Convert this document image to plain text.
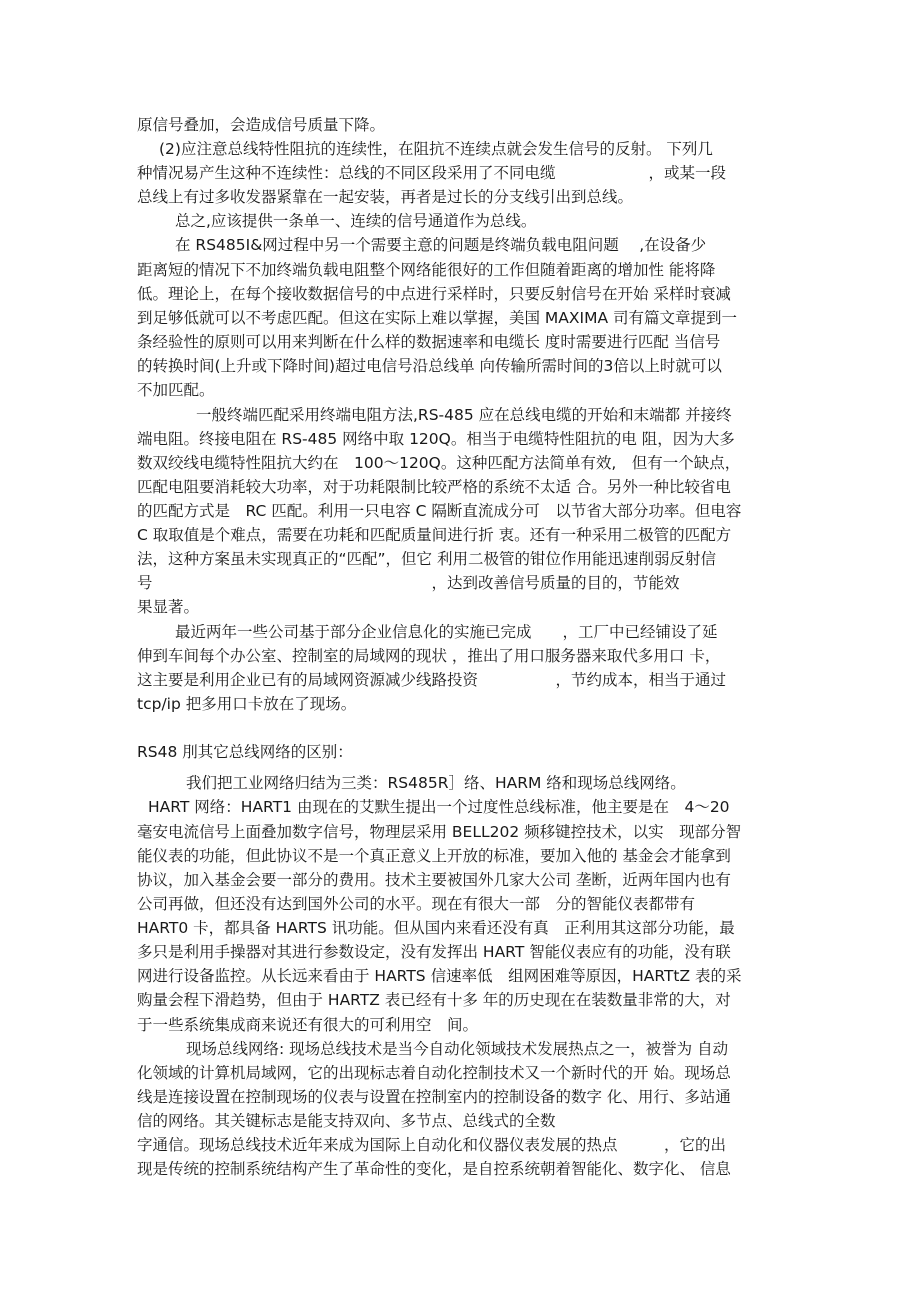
原信号叠加，会造成信号质量下降。
(2)应注意总线特性阻抗的连续性，在阻抗不连续点就会发生信号的反射。 下列几
种情况易产生这种不连续性：总线的不同区段采用了不同电缆　　　　　　，或某一段
总线上有过多收发器紧靠在一起安装，再者是过长的分支线引出到总线。
总之,应该提供一条单一、连续的信号通道作为总线。
在 RS485I&网过程中另一个需要主意的问题是终端负载电阻问题　 ,在设备少
距离短的情况下不加终端负载电阻整个网络能很好的工作但随着距离的增加性 能将降
低。理论上，在每个接收数据信号的中点进行采样时，只要反射信号在开始 采样时衰减
到足够低就可以不考虑匹配。但这在实际上难以掌握，美国 MAXIMA 司有篇文章提到一
条经验性的原则可以用来判断在什么样的数据速率和电缆长 度时需要进行匹配 当信号
的转换时间(上升或下降时间)超过电信号沿总线单 向传输所需时间的3倍以上时就可以
不加匹配。
一般终端匹配采用终端电阻方法,RS-485 应在总线电缆的开始和末端都 并接终
端电阻。终接电阻在 RS-485 网络中取 120Q。相当于电缆特性阻抗的电 阻，因为大多
数双绞线电缆特性阻抗大约在　100～120Q。这种匹配方法简单有效,　但有一个缺点，
匹配电阻要消耗较大功率，对于功耗限制比较严格的系统不太适 合。另外一种比较省电
的匹配方式是　RC 匹配。利用一只电容 C 隔断直流成分可　以节省大部分功率。但电容
C 取取值是个难点，需要在功耗和匹配质量间进行折 衷。还有一种采用二极管的匹配方
法，这种方案虽未实现真正的“匹配”，但它 利用二极管的钳位作用能迅速削弱反射信
号　　　　　　　　　　　　　　　　　　，达到改善信号质量的目的，节能效
果显著。
最近两年一些公司基于部分企业信息化的实施已完成　　，工厂中已经铺设了延
伸到车间每个办公室、控制室的局域网的现状 ，推出了用口服务器来取代多用口 卡，
这主要是利用企业已有的局域网资源减少线路投资　　　　　，节约成本，相当于通过
tcp/ip 把多用口卡放在了现场。
RS48 刖其它总线网络的区别：
我们把工业网络归结为三类：RS485R］络、HARM 络和现场总线网络。
HART 网络：HART1 由现在的艾默生提出一个过度性总线标准，他主要是在　4～20
毫安电流信号上面叠加数字信号，物理层采用 BELL202 频移键控技术，以实　现部分智
能仪表的功能，但此协议不是一个真正意义上开放的标准，要加入他的 基金会才能拿到
协议，加入基金会要一部分的费用。技术主要被国外几家大公司 垄断，近两年国内也有
公司再做，但还没有达到国外公司的水平。现在有很大一部　分的智能仪表都带有
HART0 卡，都具备 HARTS 讯功能。但从国内来看还没有真　正利用其这部分功能，最
多只是利用手操器对其进行参数设定，没有发挥出 HART 智能仪表应有的功能，没有联
网进行设备监控。从长远来看由于 HARTS 信速率低　组网困难等原因，HARTtZ 表的采
购量会程下滑趋势，但由于 HARTZ 表已经有十多 年的历史现在在装数量非常的大，对
于一些系统集成商来说还有很大的可利用空　间。
现场总线网络: 现场总线技术是当今自动化领域技术发展热点之一，被誉为 自动
化领域的计算机局域网，它的出现标志着自动化控制技术又一个新时代的开 始。现场总
线是连接设置在控制现场的仪表与设置在控制室内的控制设备的数字 化、用行、多站通
信的网络。其关键标志是能支持双向、多节点、总线式的全数
字通信。现场总线技术近年来成为国际上自动化和仪器仪表发展的热点　　　，它的出
现是传统的控制系统结构产生了革命性的变化，是自控系统朝着智能化、数字化、 信息
